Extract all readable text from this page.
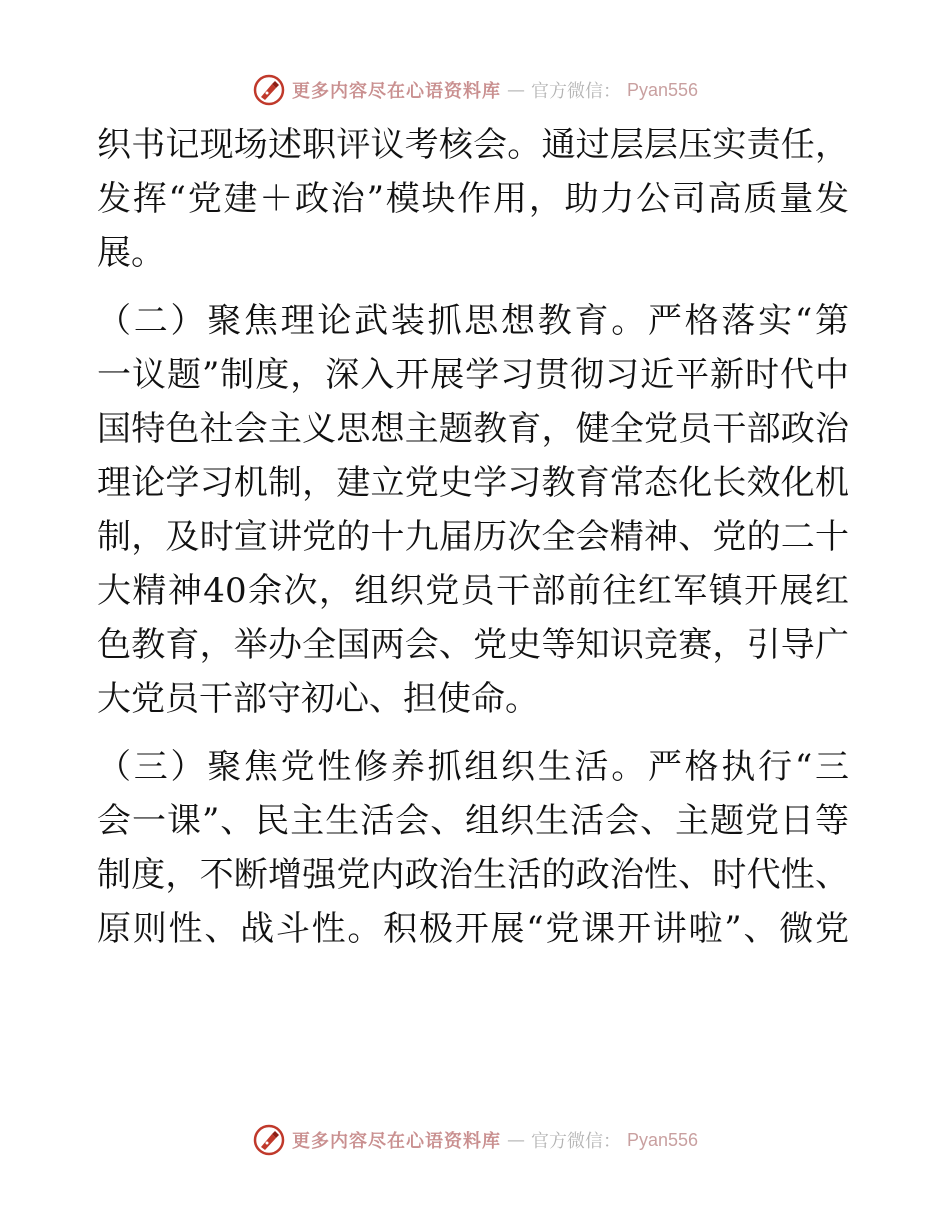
更多内容尽在心语资料库 — 官方微信： Pyan556
织书记现场述职评议考核会。通过层层压实责任，
发挥“党建＋政治”模块作用，助力公司高质量发
展。
（二）聚焦理论武装抓思想教育。严格落实“第
一议题”制度，深入开展学习贯彻习近平新时代中
国特色社会主义思想主题教育，健全党员干部政治
理论学习机制，建立党史学习教育常态化长效化机
制，及时宣讲党的十九届历次全会精神、党的二十
大精神40余次，组织党员干部前往红军镇开展红
色教育，举办全国两会、党史等知识竞赛，引导广
大党员干部守初心、担使命。
（三）聚焦党性修养抓组织生活。严格执行“三
会一课”、民主生活会、组织生活会、主题党日等
制度，不断增强党内政治生活的政治性、时代性、
原则性、战斗性。积极开展“党课开讲啦”、微党
更多内容尽在心语资料库 — 官方微信： Pyan556
